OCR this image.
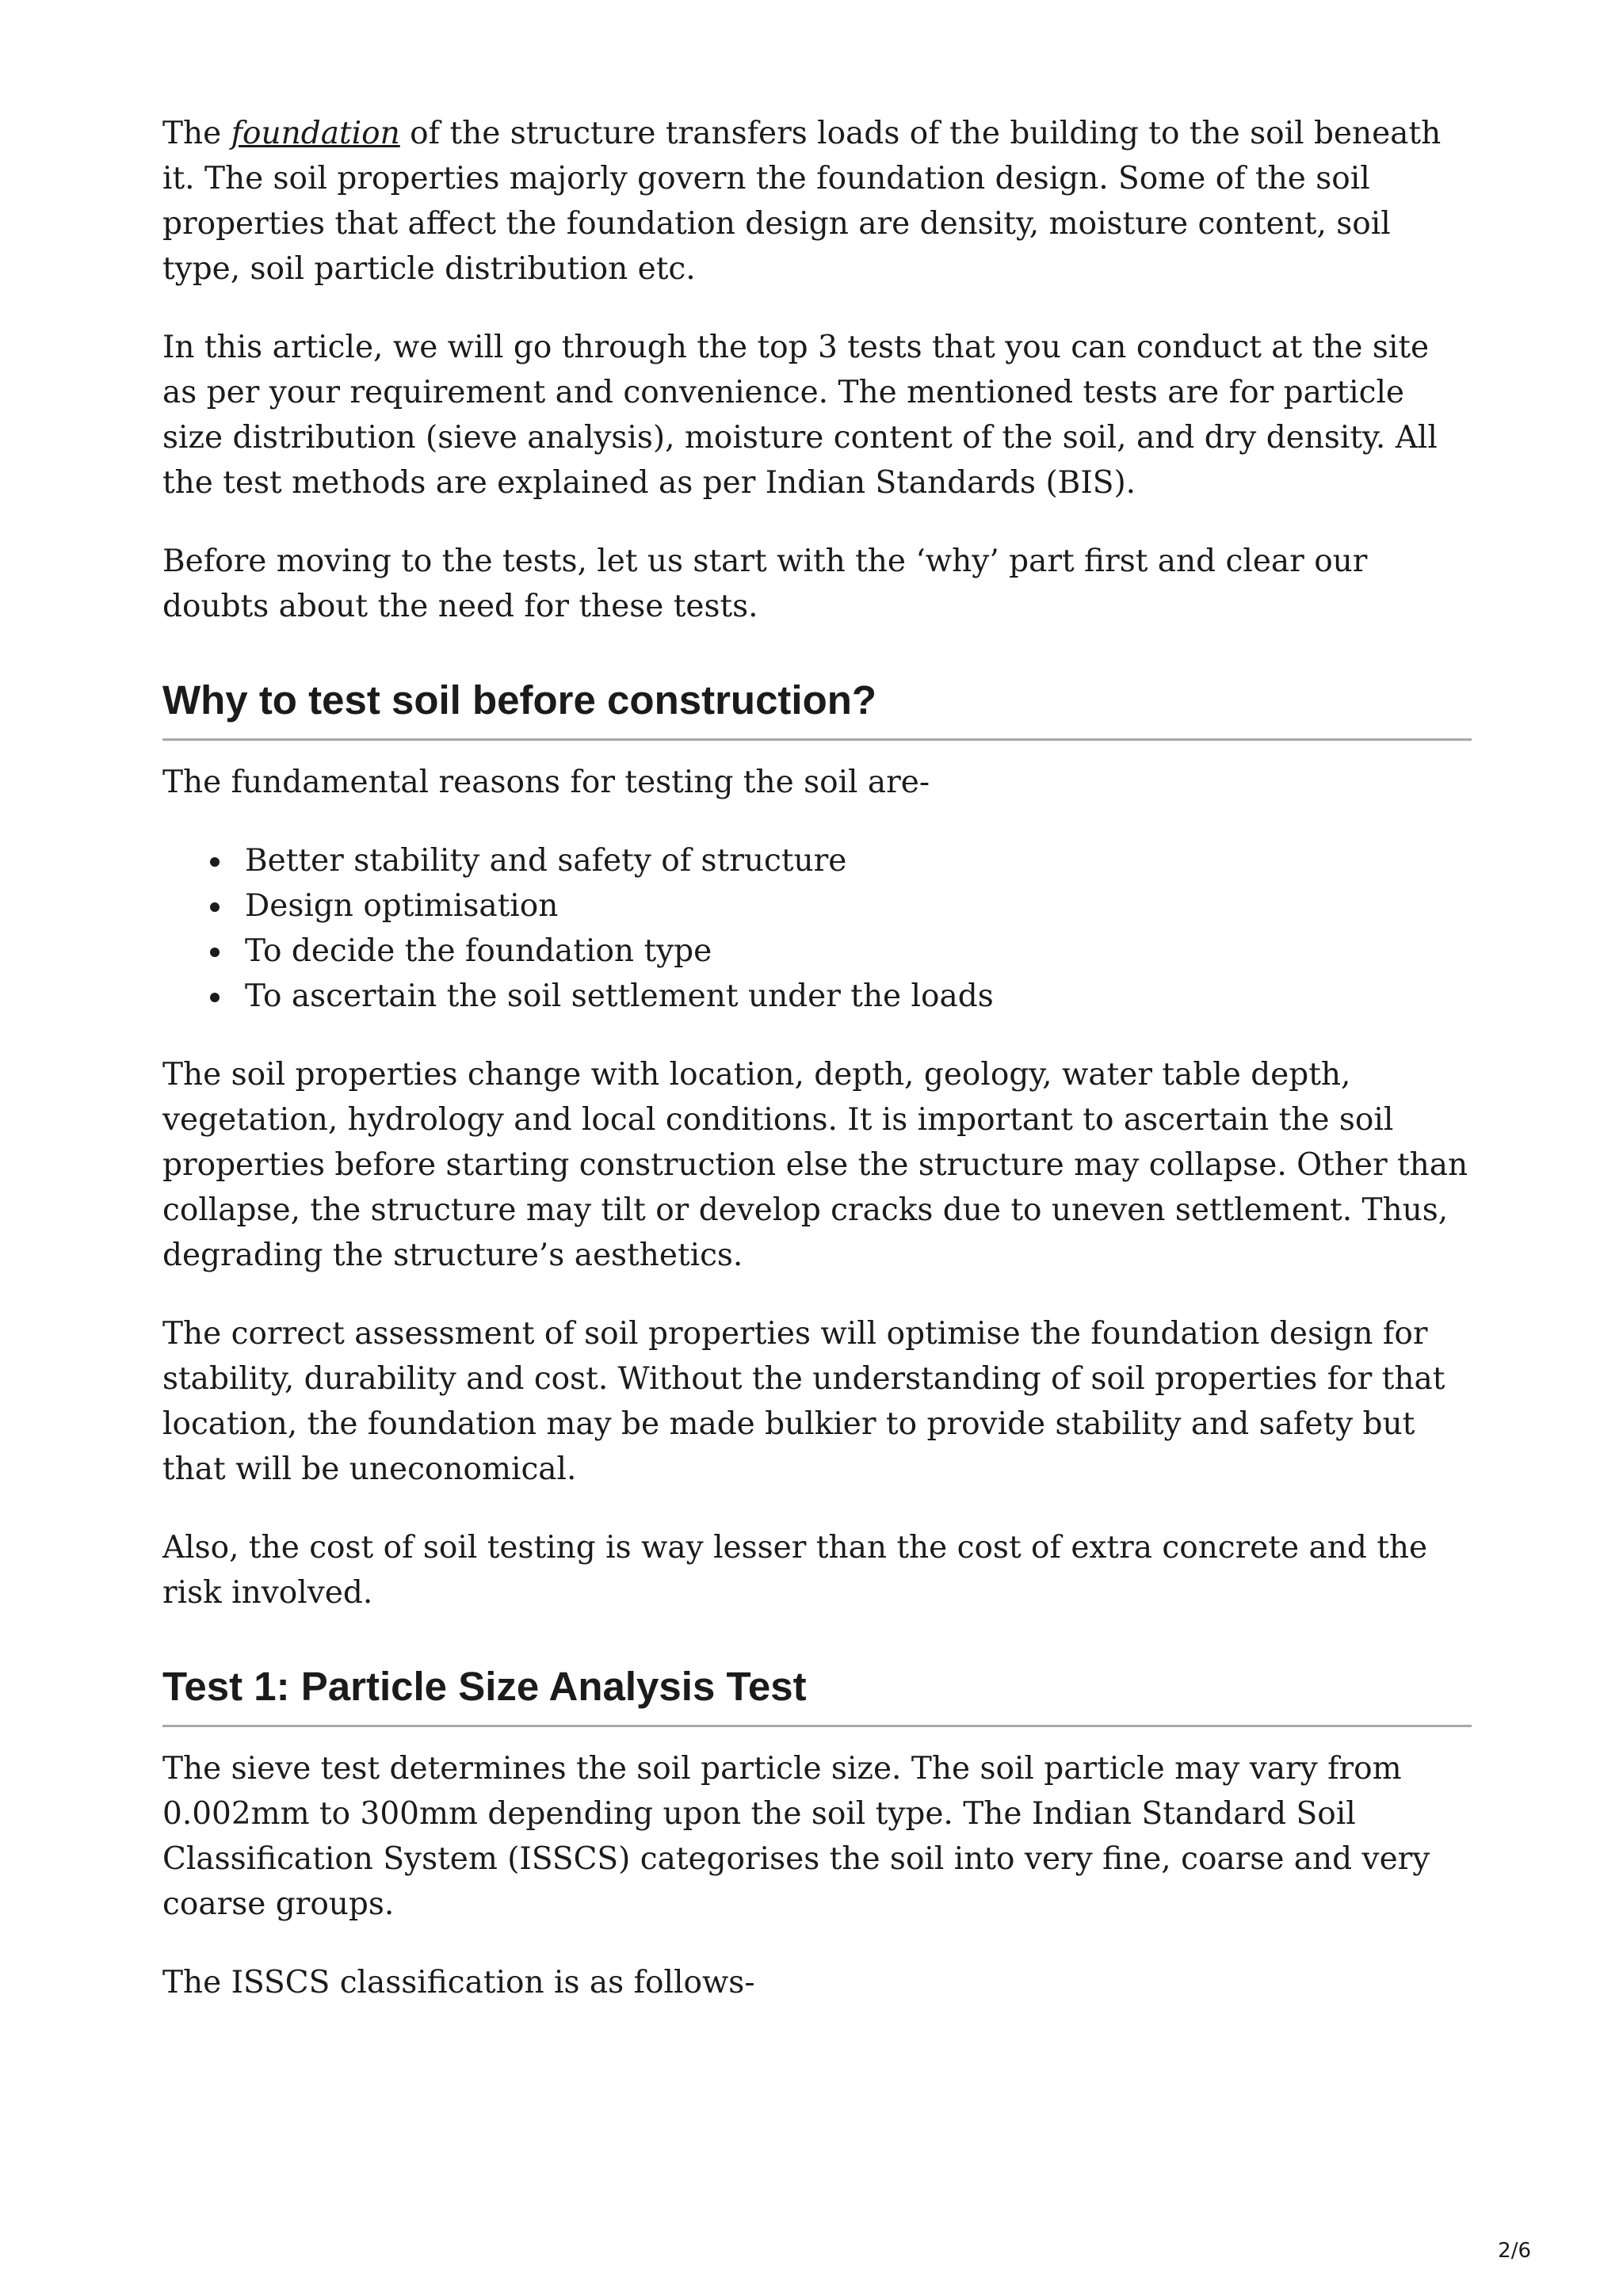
The foundation of the structure transfers loads of the building to the soil beneath it. The soil properties majorly govern the foundation design. Some of the soil properties that affect the foundation design are density, moisture content, soil type, soil particle distribution etc.

In this article, we will go through the top 3 tests that you can conduct at the site as per your requirement and convenience. The mentioned tests are for particle size distribution (sieve analysis), moisture content of the soil, and dry density. All the test methods are explained as per Indian Standards (BIS).

Before moving to the tests, let us start with the ‘why’ part first and clear our doubts about the need for these tests.

Why to test soil before construction?

The fundamental reasons for testing the soil are-

Better stability and safety of structure
Design optimisation
To decide the foundation type
To ascertain the soil settlement under the loads

The soil properties change with location, depth, geology, water table depth, vegetation, hydrology and local conditions. It is important to ascertain the soil properties before starting construction else the structure may collapse. Other than collapse, the structure may tilt or develop cracks due to uneven settlement. Thus, degrading the structure’s aesthetics.

The correct assessment of soil properties will optimise the foundation design for stability, durability and cost. Without the understanding of soil properties for that location, the foundation may be made bulkier to provide stability and safety but that will be uneconomical.

Also, the cost of soil testing is way lesser than the cost of extra concrete and the risk involved.

Test 1: Particle Size Analysis Test

The sieve test determines the soil particle size. The soil particle may vary from 0.002mm to 300mm depending upon the soil type. The Indian Standard Soil Classification System (ISSCS) categorises the soil into very fine, coarse and very coarse groups.

The ISSCS classification is as follows-

2/6
